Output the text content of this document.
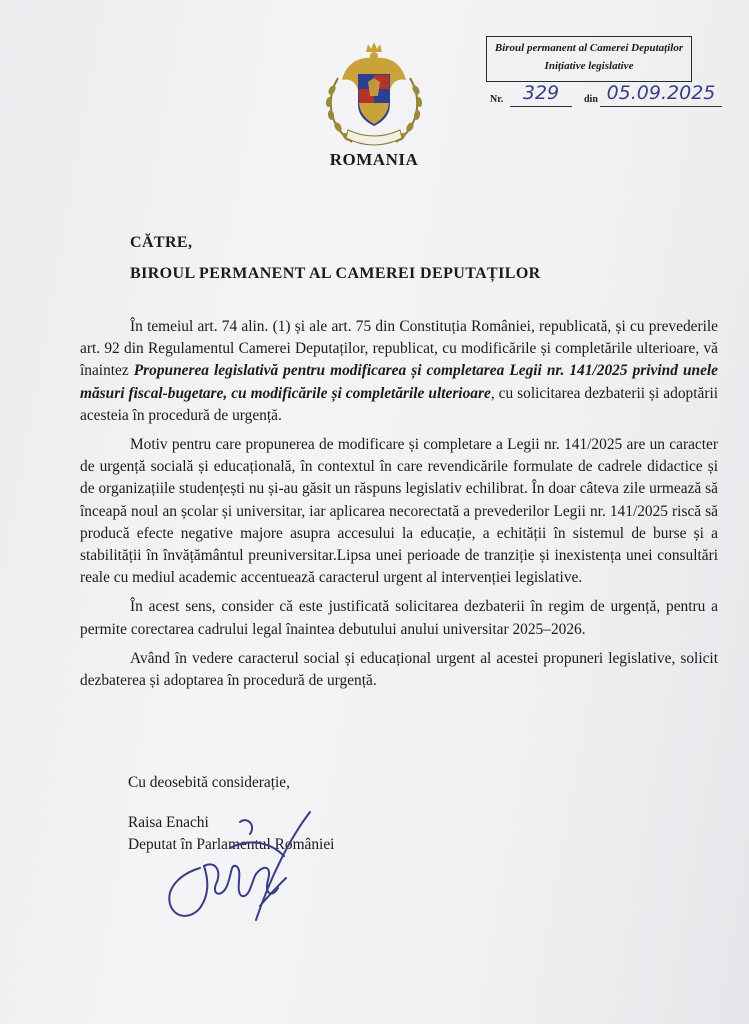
ROMANIA
Biroul permanent al Camerei Deputaților
Inițiative legislative
Nr.	329	din 05.09.2025
CĂTRE,
BIROUL PERMANENT AL CAMEREI DEPUTAȚILOR

În temeiul art. 74 alin. (1) și ale art. 75 din Constituția României, republicată, și cu prevederile art. 92 din Regulamentul Camerei Deputaților, republicat, cu modificările și completările ulterioare, vă înaintez Propunerea legislativă pentru modificarea și completarea Legii nr. 141/2025 privind unele măsuri fiscal-bugetare, cu modificările și completările ulterioare, cu solicitarea dezbaterii și adoptării acesteia în procedură de urgență.

Motiv pentru care propunerea de modificare și completare a Legii nr. 141/2025 are un caracter de urgență socială și educațională, în contextul în care revendicările formulate de cadrele didactice și de organizațiile studențești nu și-au găsit un răspuns legislativ echilibrat. În doar câteva zile urmează să înceapă noul an școlar și universitar, iar aplicarea necorectată a prevederilor Legii nr. 141/2025 riscă să producă efecte negative majore asupra accesului la educație, a echității în sistemul de burse și a stabilității în învățământul preuniversitar.Lipsa unei perioade de tranziție și inexistența unei consultări reale cu mediul academic accentuează caracterul urgent al intervenției legislative.

În acest sens, consider că este justificată solicitarea dezbaterii în regim de urgență, pentru a permite corectarea cadrului legal înaintea debutului anului universitar 2025–2026.

Având în vedere caracterul social și educațional urgent al acestei propuneri legislative, solicit dezbaterea și adoptarea în procedură de urgență.

Cu deosebită considerație,
Raisa Enachi
Deputat în Parlamentul României
